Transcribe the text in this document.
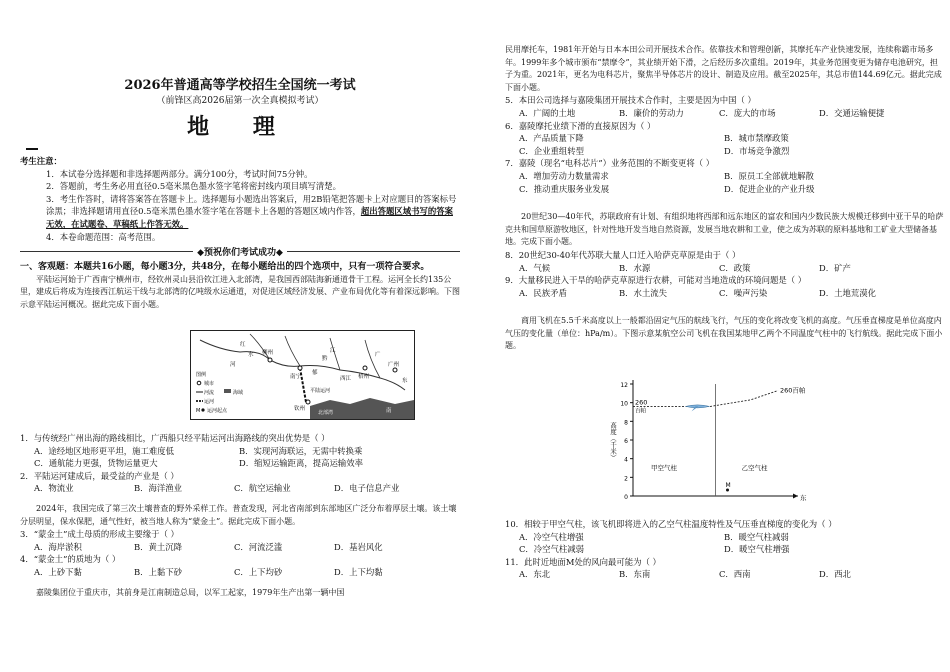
2026年普通高等学校招生全国统一考试
（前锋区高2026届第一次全真模拟考试）
地 理

考生注意：

1．本试卷分选择题和非选择题两部分。满分100分，考试时间75分钟。

2．答题前，考生务必用直径0.5毫米黑色墨水签字笔将密封线内项目填写清楚。

3．考生作答时，请将答案答在答题卡上。选择题每小题选出答案后，用2B铅笔把答题卡上对应题目的答案标号涂黑；非选择题请用直径0.5毫米黑色墨水签字笔在答题卡上各题的答题区域内作答，超出答题区域书写的答案无效，在试题卷、草稿纸上作答无效。

4．本卷命题范围：高考范围。

◆预祝你们考试成功◆

一、客观题：本题共16小题，每小题3分，共48分，在每小题给出的四个选项中，只有一项符合要求。

平陆运河始于广西南宁横州市，经钦州灵山县沿钦江进入北部湾，是我国西部陆海新通道骨干工程。运河全长约135公里，建成后将成为连接西江航运干线与北部湾的亿吨级水运通道，对促进区域经济发展、产业布局优化等有着深远影响。下图示意平陆运河概况。据此完成下面小题。

柳州
红
水
河
南宁
黔
江
梧州
广州
平陆运河
钦州
北部湾
郁
西江
广
东
南
图例
城市
河流
运河
海域
M 运河起点

1．与传统经广州出海的路线相比，广西船只经平陆运河出海路线的突出优势是（ ）

A．途经地区地形更平坦，施工难度低	B．实现河海联运，无需中转换乘
C．通航能力更强，货物运量更大	D．缩短运输距离，提高运输效率

2．平陆运河建成后，最受益的产业是（ ）

A．物流业	B．海洋渔业	C．航空运输业	D．电子信息产业

2024年，我国完成了第三次土壤普查的野外采样工作。普查发现，河北省南部到东部地区广泛分布着厚层土壤。该土壤分层明显，保水保肥，通气性好，被当地人称为“蒙金土”。据此完成下面小题。

3．“蒙金土”成土母质的形成主要缘于（ ）

A．海岸淤积	B．黄土沉降	C．河流泛滥	D．基岩风化

4．“蒙金土”的质地为（ ）

A．上砂下黏	B．上黏下砂	C．上下均砂	D．上下均黏

嘉陵集团位于重庆市，其前身是江南制造总局，以军工起家，1979年生产出第一辆中国

民用摩托车，1981年开始与日本本田公司开展技术合作。依靠技术和管理创新，其摩托车产业快速发展，连续称霸市场多年。1999年多个城市颁布“禁摩令”，其业绩开始下滑，之后经历多次重组。2019年，其业务范围变更为储存电池研究，担子为重。2021年，更名为电科芯片，聚焦半导体芯片的设计、制造及应用。截至2025年，其总市值144.69亿元。据此完成下面小题。

5．本田公司选择与嘉陵集团开展技术合作时，主要是因为中国（ ）

A．广阔的土地	B．廉价的劳动力	C．庞大的市场	D．交通运输便捷

6．嘉陵摩托业绩下滑的直接原因为（ ）

A．产品质量下降	B．城市禁摩政策
C．企业重组转型	D．市场竞争激烈

7．嘉陵（现名“电科芯片”）业务范围的不断变更将（ ）

A．增加劳动力数量需求	B．原员工全部就地解散
C．推动重庆服务业发展	D．促进企业的产业升级

20世纪30—40年代，苏联政府有计划、有组织地将西部和远东地区的富农和国内少数民族大规模迁移到中亚干旱的哈萨克共和国草原游牧地区，针对性地开发当地自然资源，发展当地农耕和工业，使之成为苏联的原料基地和工矿业大型储备基地。完成下面小题。

8．20世纪30-40年代苏联大量人口迁入哈萨克草原是由于（ ）

A．气候	B．水源	C．政策	D．矿产

9．大量移民进入干旱的哈萨克草原进行农耕，可能对当地造成的环境问题是（ ）

A．民族矛盾	B．水土流失	C．噪声污染	D．土地荒漠化

商用飞机在5.5千米高度以上一般都沿固定气压的航线飞行，气压的变化将改变飞机的高度。气压垂直梯度是单位高度内气压的变化量（单位：hPa/m）。下图示意某航空公司飞机在我国某地甲乙两个不同温度气柱中的飞行航线。据此完成下面小题。

0
2
4
6
8
10
12
高度（千米）
东
甲空气柱	乙空气柱
260
百帕
260百帕
M

10．相较于甲空气柱，该飞机即将进入的乙空气柱温度特性及气压垂直梯度的变化为（ ）

A．冷空气柱增强	B．暖空气柱减弱
C．冷空气柱减弱	D．暖空气柱增强

11．此时近地面M处的风向最可能为（ ）

A．东北	B．东南	C．西南	D．西北
